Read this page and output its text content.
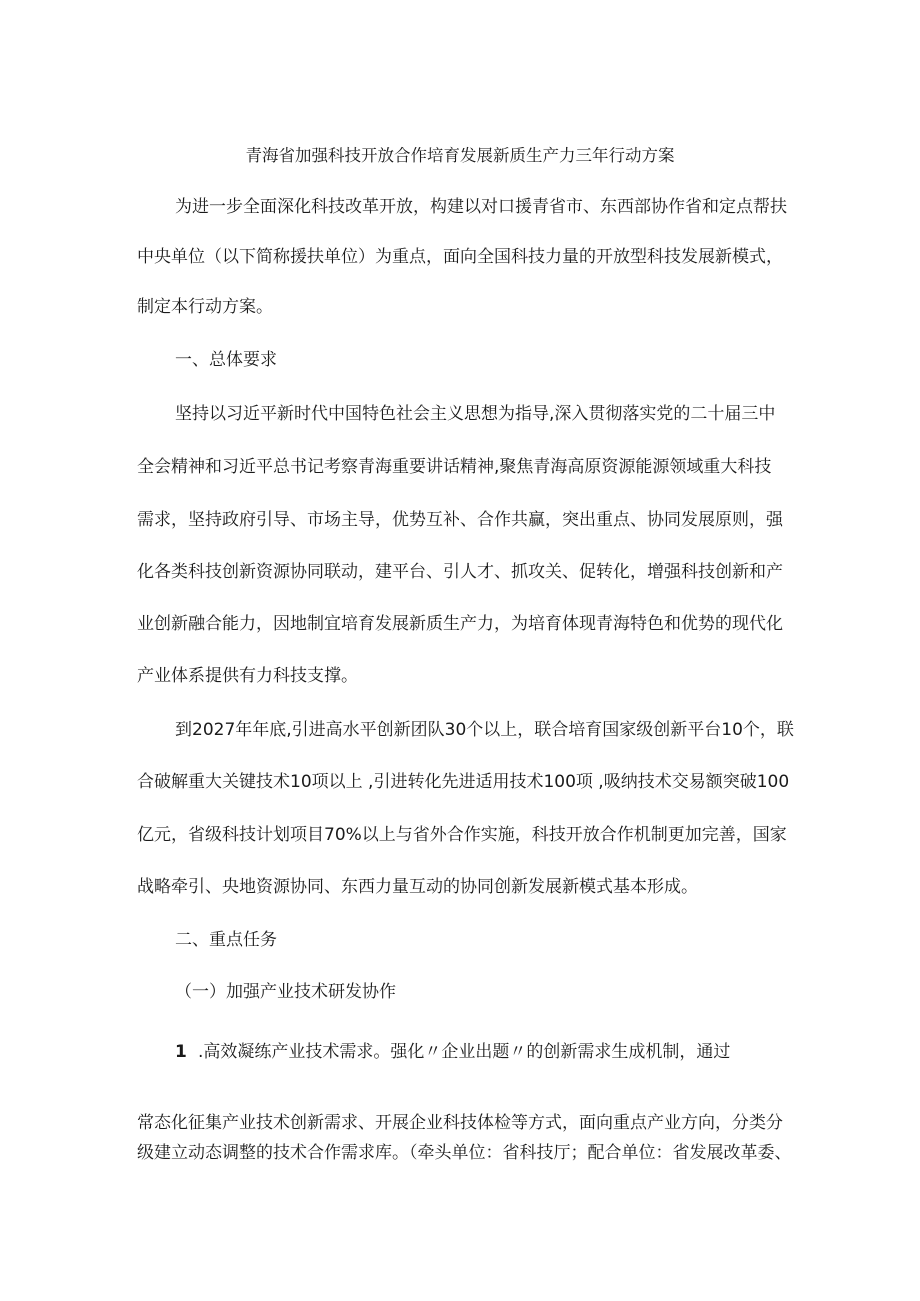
青海省加强科技开放合作培育发展新质生产力三年行动方案
为进一步全面深化科技改革开放，构建以对口援青省市、东西部协作省和定点帮扶
中央单位（以下简称援扶单位）为重点，面向全国科技力量的开放型科技发展新模式，
制定本行动方案。
一、总体要求
坚持以习近平新时代中国特色社会主义思想为指导,深入贯彻落实党的二十届三中
全会精神和习近平总书记考察青海重要讲话精神,聚焦青海高原资源能源领域重大科技
需求，坚持政府引导、市场主导，优势互补、合作共赢，突出重点、协同发展原则，强
化各类科技创新资源协同联动，建平台、引人才、抓攻关、促转化，增强科技创新和产
业创新融合能力，因地制宜培育发展新质生产力，为培育体现青海特色和优势的现代化
产业体系提供有力科技支撑。
到2027年年底,引进高水平创新团队30个以上，联合培育国家级创新平台10个，联
合破解重大关键技术10项以上 ,引进转化先进适用技术100项 ,吸纳技术交易额突破100
亿元，省级科技计划项目70%以上与省外合作实施，科技开放合作机制更加完善，国家
战略牵引、央地资源协同、东西力量互动的协同创新发展新模式基本形成。
二、重点任务
（一）加强产业技术研发协作
1 .高效凝练产业技术需求。强化〃企业出题〃的创新需求生成机制，通过
常态化征集产业技术创新需求、开展企业科技体检等方式，面向重点产业方向，分类分
级建立动态调整的技术合作需求库。（牵头单位：省科技厅；配合单位：省发展改革委、
